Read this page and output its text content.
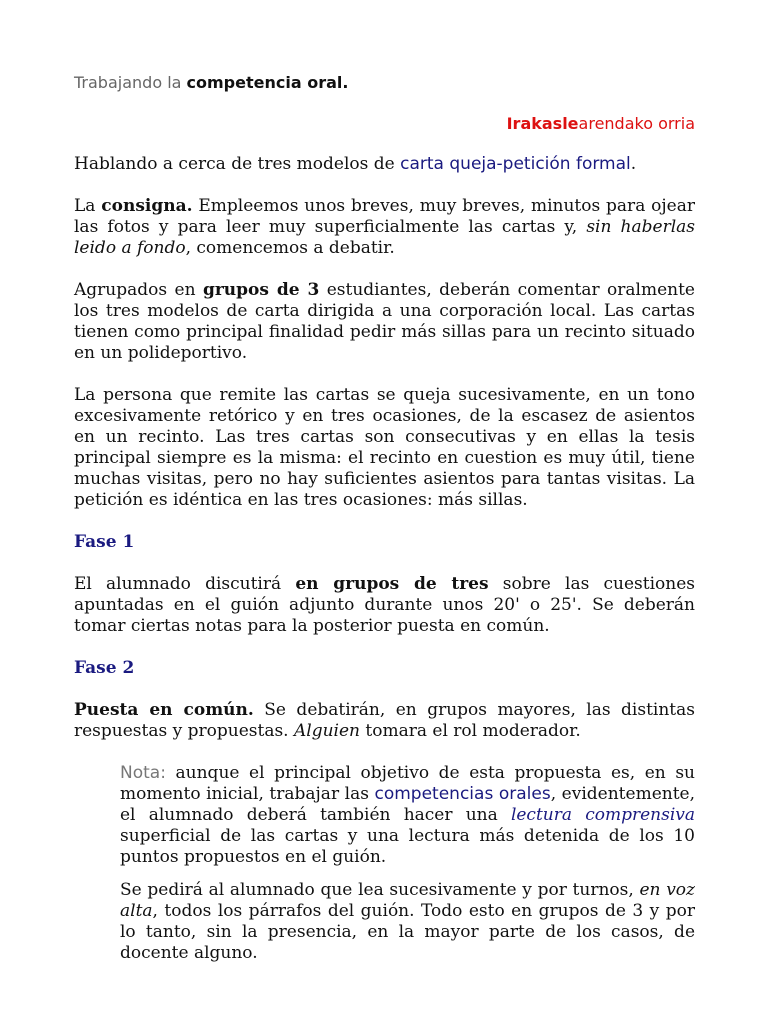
Trabajando la competencia oral.
Irakaslearendako orria

Hablando a cerca de tres modelos de carta queja-petición formal.

La consigna. Empleemos unos breves, muy breves, minutos para ojear las fotos y para leer muy superficialmente las cartas y, sin haberlas leido a fondo, comencemos a debatir.

Agrupados en grupos de 3 estudiantes, deberán comentar oralmente los tres modelos de carta dirigida a una corporación local. Las cartas tienen como principal finalidad pedir más sillas para un recinto situado en un polideportivo.

La persona que remite las cartas se queja sucesivamente, en un tono excesivamente retórico y en tres ocasiones, de la escasez de asientos en un recinto. Las tres cartas son consecutivas y en ellas la tesis principal siempre es la misma: el recinto en cuestion es muy útil, tiene muchas visitas, pero no hay suficientes asientos para tantas visitas. La petición es idéntica en las tres ocasiones: más sillas.

Fase 1

El alumnado discutirá en grupos de tres sobre las cuestiones apuntadas en el guión adjunto durante unos 20' o 25'. Se deberán tomar ciertas notas para la posterior puesta en común.

Fase 2

Puesta en común. Se debatirán, en grupos mayores, las distintas respuestas y propuestas. Alguien tomara el rol moderador.

Nota: aunque el principal objetivo de esta propuesta es, en su momento inicial, trabajar las competencias orales, evidentemente, el alumnado deberá también hacer una lectura comprensiva superficial de las cartas y una lectura más detenida de los 10 puntos propuestos en el guión.

Se pedirá al alumnado que lea sucesivamente y por turnos, en voz alta, todos los párrafos del guión. Todo esto en grupos de 3 y por lo tanto, sin la presencia, en la mayor parte de los casos, de docente alguno.
